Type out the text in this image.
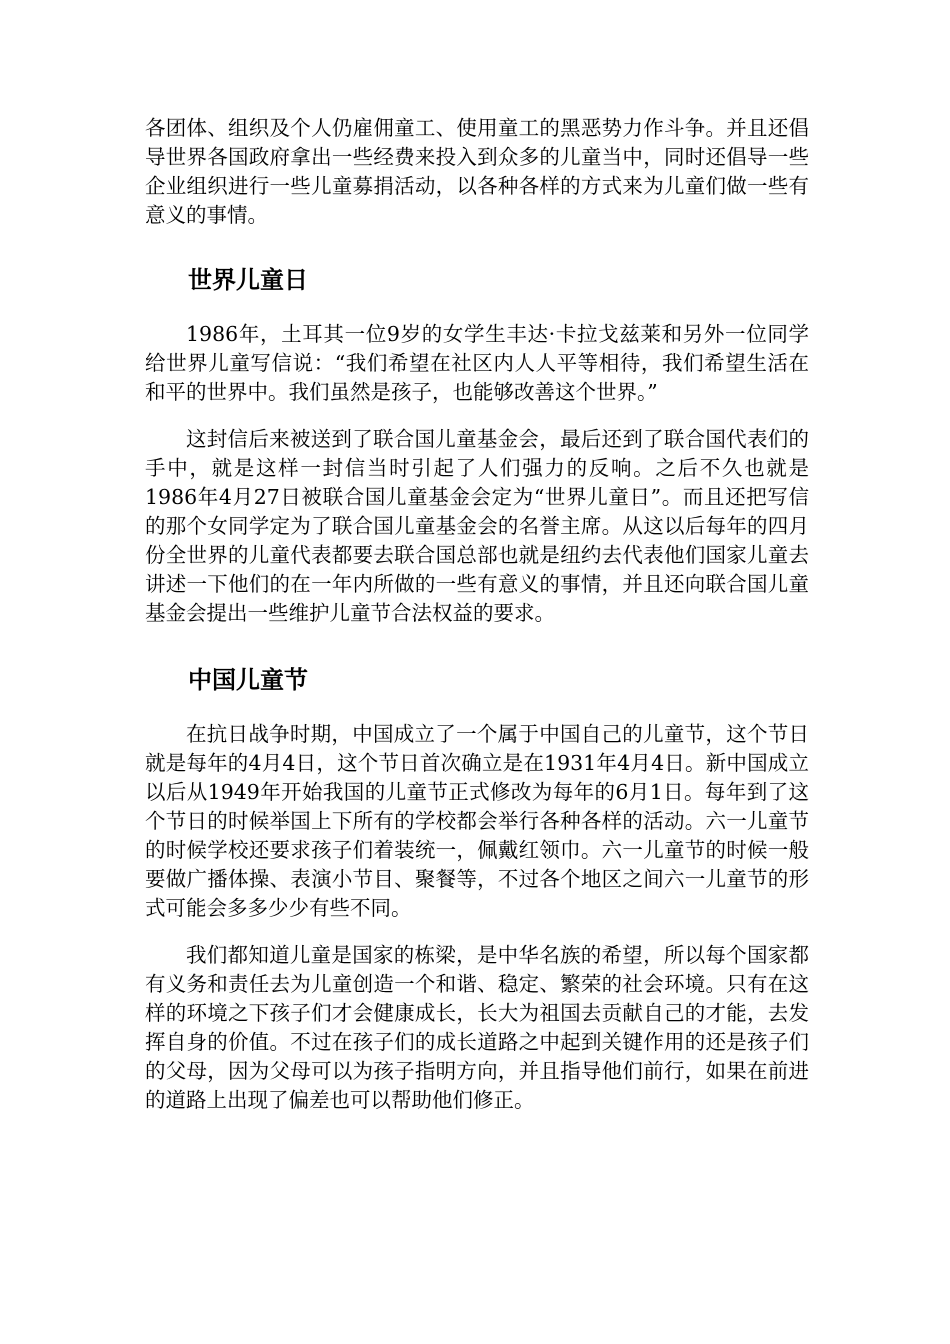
各团体、组织及个人仍雇佣童工、使用童工的黑恶势力作斗争。并且还倡导世界各国政府拿出一些经费来投入到众多的儿童当中，同时还倡导一些企业组织进行一些儿童募捐活动，以各种各样的方式来为儿童们做一些有意义的事情。

世界儿童日

1986年，土耳其一位9岁的女学生丰达·卡拉戈兹莱和另外一位同学给世界儿童写信说：“我们希望在社区内人人平等相待，我们希望生活在和平的世界中。我们虽然是孩子，也能够改善这个世界。”

这封信后来被送到了联合国儿童基金会，最后还到了联合国代表们的手中，就是这样一封信当时引起了人们强力的反响。之后不久也就是1986年4月27日被联合国儿童基金会定为“世界儿童日”。而且还把写信的那个女同学定为了联合国儿童基金会的名誉主席。从这以后每年的四月份全世界的儿童代表都要去联合国总部也就是纽约去代表他们国家儿童去讲述一下他们的在一年内所做的一些有意义的事情，并且还向联合国儿童基金会提出一些维护儿童节合法权益的要求。

中国儿童节

在抗日战争时期，中国成立了一个属于中国自己的儿童节，这个节日就是每年的4月4日，这个节日首次确立是在1931年4月4日。新中国成立以后从1949年开始我国的儿童节正式修改为每年的6月1日。每年到了这个节日的时候举国上下所有的学校都会举行各种各样的活动。六一儿童节的时候学校还要求孩子们着装统一，佩戴红领巾。六一儿童节的时候一般要做广播体操、表演小节目、聚餐等，不过各个地区之间六一儿童节的形式可能会多多少少有些不同。

我们都知道儿童是国家的栋梁，是中华名族的希望，所以每个国家都有义务和责任去为儿童创造一个和谐、稳定、繁荣的社会环境。只有在这样的环境之下孩子们才会健康成长，长大为祖国去贡献自己的才能，去发挥自身的价值。不过在孩子们的成长道路之中起到关键作用的还是孩子们的父母，因为父母可以为孩子指明方向，并且指导他们前行，如果在前进的道路上出现了偏差也可以帮助他们修正。
